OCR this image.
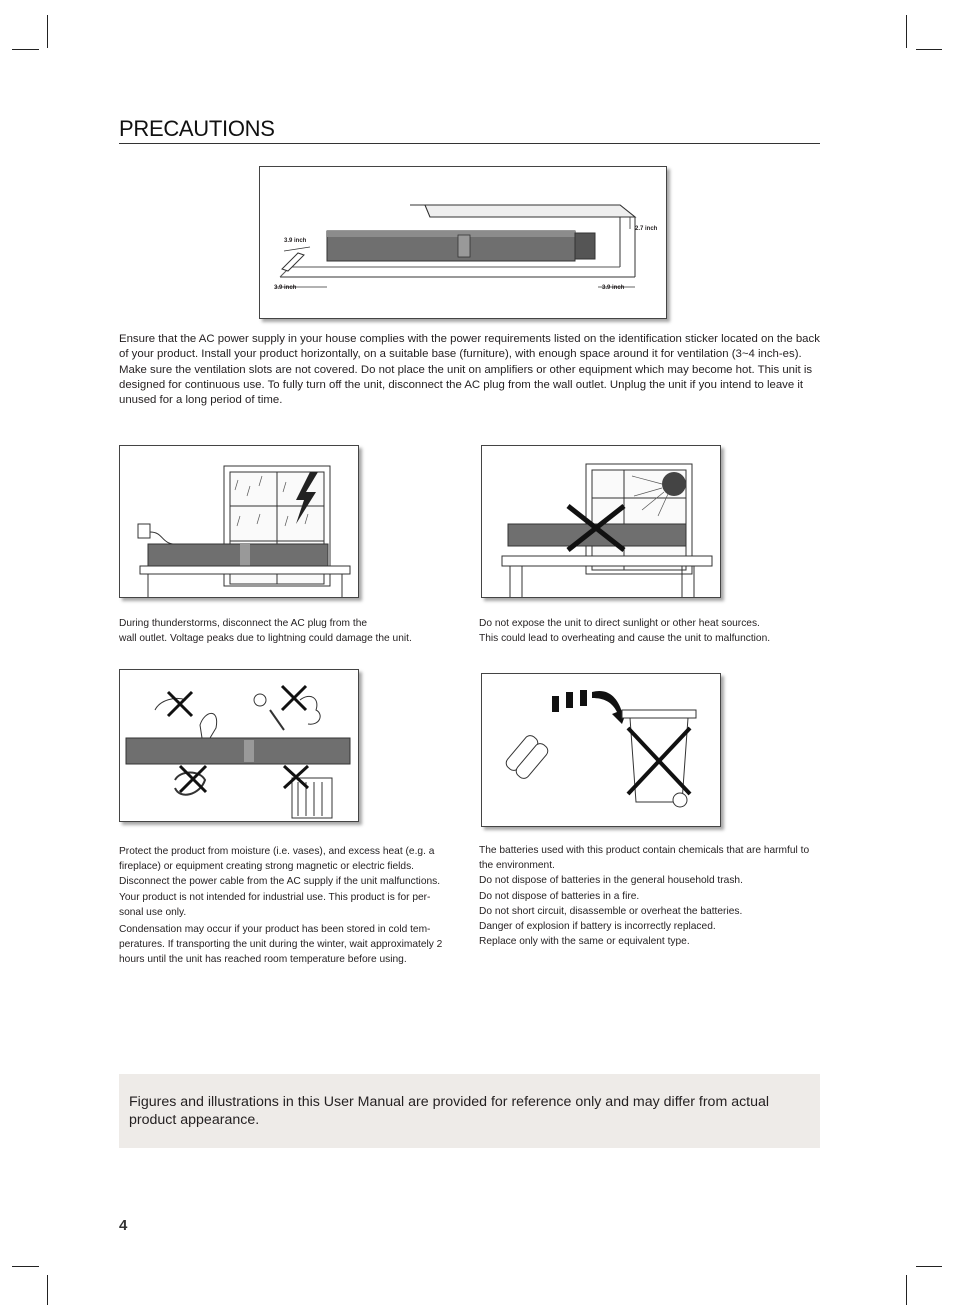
PRECAUTIONS
3.9 inch
3.9 inch	3.9 inch
2.7 inch

Ensure that the AC power supply in your house complies with the power requirements listed on the identification sticker located on the back of your product. Install your product horizontally, on a suitable base (furniture), with enough space around it for ventilation (3~4 inch-es). Make sure the ventilation slots are not covered. Do not place the unit on amplifiers or other equipment which may become hot. This unit is designed for continuous use. To fully turn off the unit, disconnect the AC plug from the wall outlet. Unplug the unit if you intend to leave it unused for a long period of time.

During thunderstorms, disconnect the AC plug from the

wall outlet. Voltage peaks due to lightning could damage the unit.

Do not expose the unit to direct sunlight or other heat sources.

This could lead to overheating and cause the unit to malfunction.

Protect the product from moisture (i.e. vases), and excess heat (e.g. a fireplace) or equipment creating strong magnetic or electric fields. Disconnect the power cable from the AC supply if the unit malfunctions. Your product is not intended for industrial use. This product is for per-sonal use only.

Condensation may occur if your product has been stored in cold tem-peratures. If transporting the unit during the winter, wait approximately 2 hours until the unit has reached room temperature before using.

The batteries used with this product contain chemicals that are harmful to the environment.

Do not dispose of batteries in the general household trash.

Do not dispose of batteries in a fire.

Do not short circuit, disassemble or overheat the batteries.

Danger of explosion if battery is incorrectly replaced.

Replace only with the same or equivalent type.

Figures and illustrations in this User Manual are provided for reference only and may differ from actual product appearance.

4
